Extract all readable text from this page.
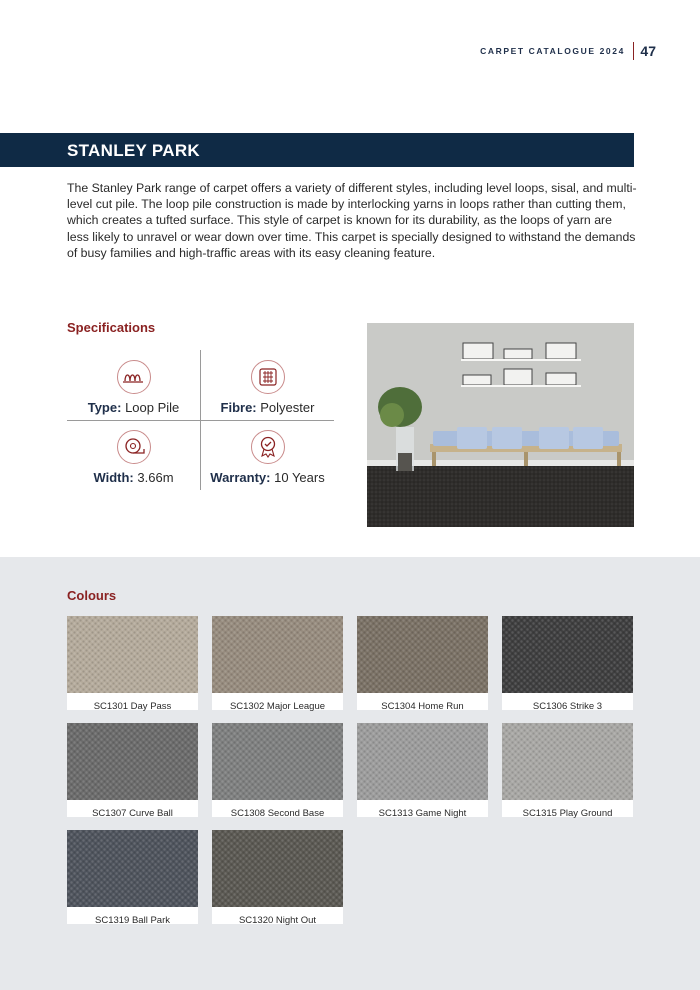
CARPET CATALOGUE 2024 47
STANLEY PARK

The Stanley Park range of carpet offers a variety of different styles, including level loops, sisal, and multi-level cut pile. The loop pile construction is made by interlocking yarns in loops rather than cutting them, which creates a tufted surface. This style of carpet is known for its durability, as the loops of yarn are less likely to unravel or wear down over time. This carpet is specially designed to withstand the demands of busy families and high-traffic areas with its easy cleaning feature.

Specifications
Type: Loop Pile	Fibre: Polyester
Width: 3.66m	Warranty: 10 Years
Colours
SC1301 Day Pass	SC1302 Major League	SC1304 Home Run	SC1306 Strike 3
SC1307 Curve Ball	SC1308 Second Base	SC1313 Game Night	SC1315 Play Ground
SC1319 Ball Park	SC1320 Night Out
